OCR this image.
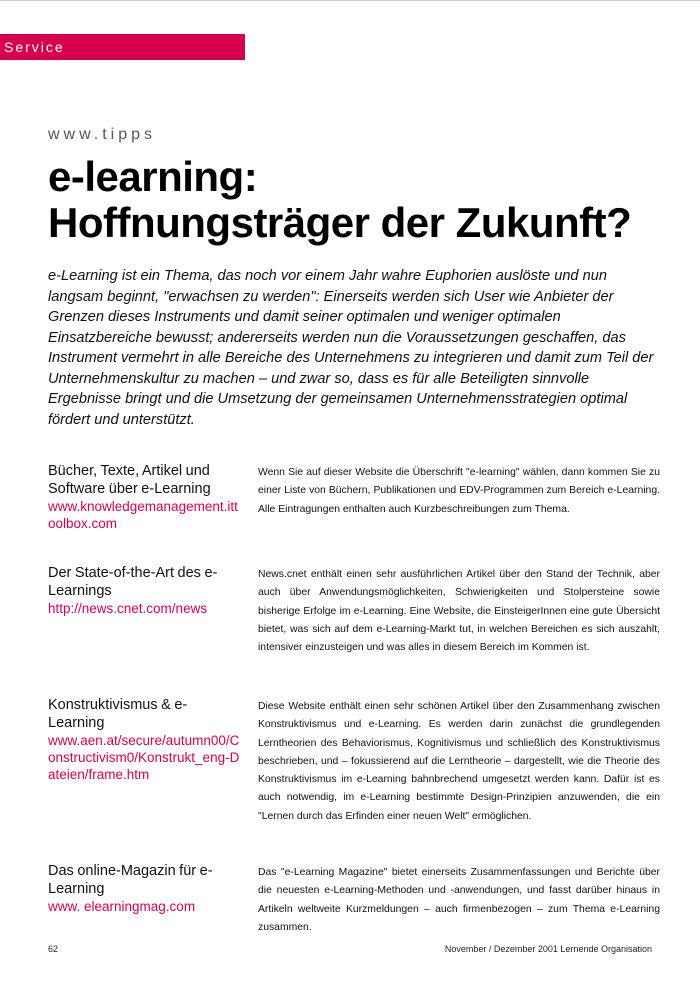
Service
www.tipps
e-learning:
Hoffnungsträger der Zukunft?

e-Learning ist ein Thema, das noch vor einem Jahr wahre Euphorien auslöste und nun langsam beginnt, "erwachsen zu werden": Einerseits werden sich User wie Anbieter der Grenzen dieses Instruments und damit seiner optimalen und weniger optimalen Einsatzbereiche bewusst; andererseits werden nun die Voraussetzungen geschaffen, das Instrument vermehrt in alle Bereiche des Unternehmens zu integrieren und damit zum Teil der Unternehmenskultur zu machen – und zwar so, dass es für alle Beteiligten sinnvolle Ergebnisse bringt und die Umsetzung der gemeinsamen Unternehmensstrategien optimal fördert und unterstützt.

Bücher, Texte, Artikel und Software über e-Learning

www.knowledgemanagement.ittoolbox.com

Wenn Sie auf dieser Website die Überschrift "e-learning" wählen, dann kommen Sie zu einer Liste von Büchern, Publikationen und EDV-Programmen zum Bereich e-Learning. Alle Eintragungen enthalten auch Kurzbeschreibungen zum Thema.

Der State-of-the-Art des e-Learnings

http://news.cnet.com/news

News.cnet enthält einen sehr ausführlichen Artikel über den Stand der Technik, aber auch über Anwendungsmöglichkeiten, Schwierigkeiten und Stolpersteine sowie bisherige Erfolge im e-Learning. Eine Website, die EinsteigerInnen eine gute Übersicht bietet, was sich auf dem e-Learning-Markt tut, in welchen Bereichen es sich auszahlt, intensiver einzusteigen und was alles in diesem Bereich im Kommen ist.

Konstruktivismus & e-Learning

www.aen.at/secure/autumn00/Constructivism0/Konstrukt_eng-Dateien/frame.htm

Diese Website enthält einen sehr schönen Artikel über den Zusammenhang zwischen Konstruktivismus und e-Learning. Es werden darin zunächst die grundlegenden Lerntheorien des Behaviorismus, Kognitivismus und schließlich des Konstruktivismus beschrieben, und – fokussierend auf die Lerntheorie – dargestellt, wie die Theorie des Konstruktivismus im e-Learning bahnbrechend umgesetzt werden kann. Dafür ist es auch notwendig, im e-Learning bestimmte Design-Prinzipien anzuwenden, die ein "Lernen durch das Erfinden einer neuen Welt" ermöglichen.

Das online-Magazin für e-Learning

www. elearningmag.com

Das "e-Learning Magazine" bietet einerseits Zusammenfassungen und Berichte über die neuesten e-Learning-Methoden und -anwendungen, und fasst darüber hinaus in Artikeln weltweite Kurzmeldungen – auch firmenbezogen – zum Thema e-Learning zusammen.

62	November / Dezember 2001 Lernende Organisation
